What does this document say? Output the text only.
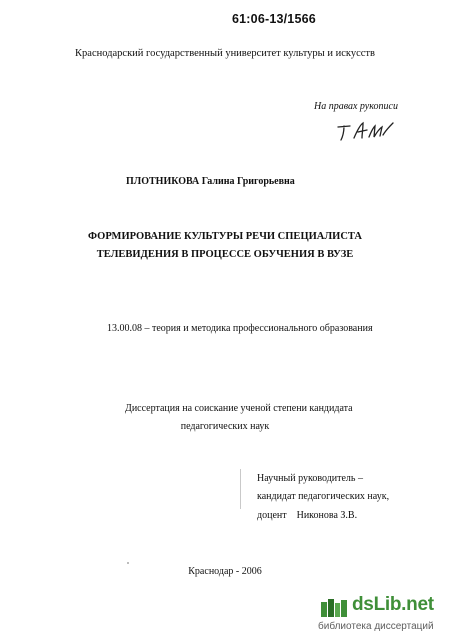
61:06-13/1566
Краснодарский государственный университет культуры и искусств
На правах рукописи
ПЛОТНИКОВА Галина Григорьевна
ФОРМИРОВАНИЕ КУЛЬТУРЫ РЕЧИ СПЕЦИАЛИСТА
ТЕЛЕВИДЕНИЯ В ПРОЦЕССЕ ОБУЧЕНИЯ В ВУЗЕ
13.00.08 – теория и методика профессионального образования
Диссертация на соискание ученой степени кандидата
педагогических наук
Научный руководитель –
кандидат педагогических наук,
доцент    Никонова З.В.
Краснодар - 2006
dsLib.net
библиотека диссертаций
